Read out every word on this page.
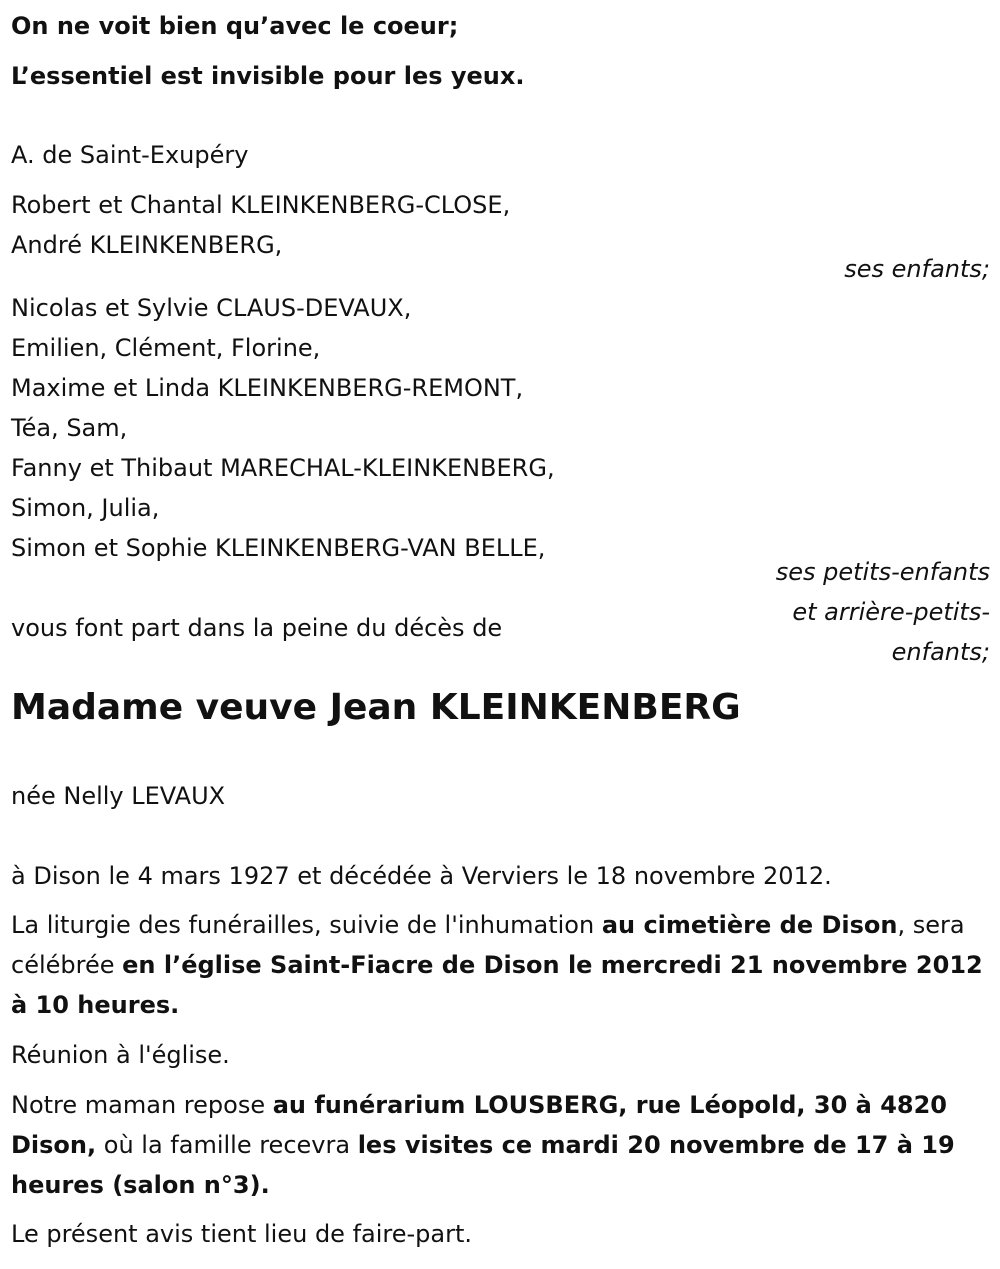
On ne voit bien qu’avec le coeur;
L’essentiel est invisible pour les yeux.
A. de Saint-Exupéry
Robert et Chantal KLEINKENBERG-CLOSE,
André KLEINKENBERG,
ses enfants;
Nicolas et Sylvie CLAUS-DEVAUX,
Emilien, Clément, Florine,
Maxime et Linda KLEINKENBERG-REMONT,
Téa, Sam,
Fanny et Thibaut MARECHAL-KLEINKENBERG,
Simon, Julia,
Simon et Sophie KLEINKENBERG-VAN BELLE,
ses petits-enfants
et arrière-petits-
enfants;
vous font part dans la peine du décès de
Madame veuve Jean KLEINKENBERG
née Nelly LEVAUX
à Dison le 4 mars 1927 et décédée à Verviers le 18 novembre 2012.
La liturgie des funérailles, suivie de l'inhumation au cimetière de Dison, sera célébrée en l’église Saint-Fiacre de Dison le mercredi 21 novembre 2012 à 10 heures.
Réunion à l'église.
Notre maman repose au funérarium LOUSBERG, rue Léopold, 30 à 4820 Dison, où la famille recevra les visites ce mardi 20 novembre de 17 à 19 heures (salon n°3).
Le présent avis tient lieu de faire-part.
